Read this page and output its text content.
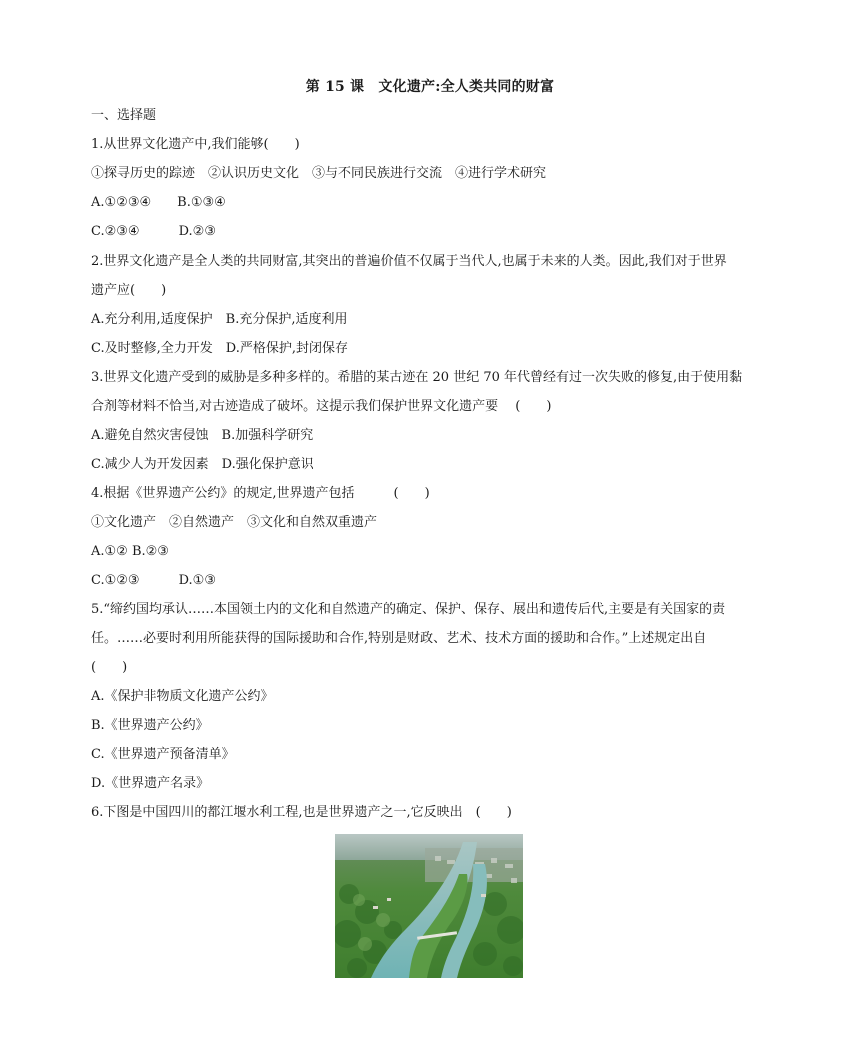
第 15 课　文化遗产:全人类共同的财富
一、选择题
1.从世界文化遗产中,我们能够(　　)
①探寻历史的踪迹　②认识历史文化　③与不同民族进行交流　④进行学术研究
A.①②③④　　B.①③④
C.②③④　　　D.②③
2.世界文化遗产是全人类的共同财富,其突出的普遍价值不仅属于当代人,也属于未来的人类。因此,我们对于世界
遗产应(　　)
A.充分利用,适度保护　B.充分保护,适度利用
C.及时整修,全力开发　D.严格保护,封闭保存
3.世界文化遗产受到的威胁是多种多样的。希腊的某古迹在 20 世纪 70 年代曾经有过一次失败的修复,由于使用黏
合剂等材料不恰当,对古迹造成了破坏。这提示我们保护世界文化遗产要　 (　　)
A.避免自然灾害侵蚀　B.加强科学研究
C.减少人为开发因素　D.强化保护意识
4.根据《世界遗产公约》的规定,世界遗产包括　　　(　　)
①文化遗产　②自然遗产　③文化和自然双重遗产
A.①② B.②③
C.①②③　　　D.①③
5.“缔约国均承认……本国领土内的文化和自然遗产的确定、保护、保存、展出和遗传后代,主要是有关国家的责
任。……必要时利用所能获得的国际援助和合作,特别是财政、艺术、技术方面的援助和合作。”上述规定出自
(　　)
A.《保护非物质文化遗产公约》
B.《世界遗产公约》
C.《世界遗产预备清单》
D.《世界遗产名录》
6.下图是中国四川的都江堰水利工程,也是世界遗产之一,它反映出　(　　)
